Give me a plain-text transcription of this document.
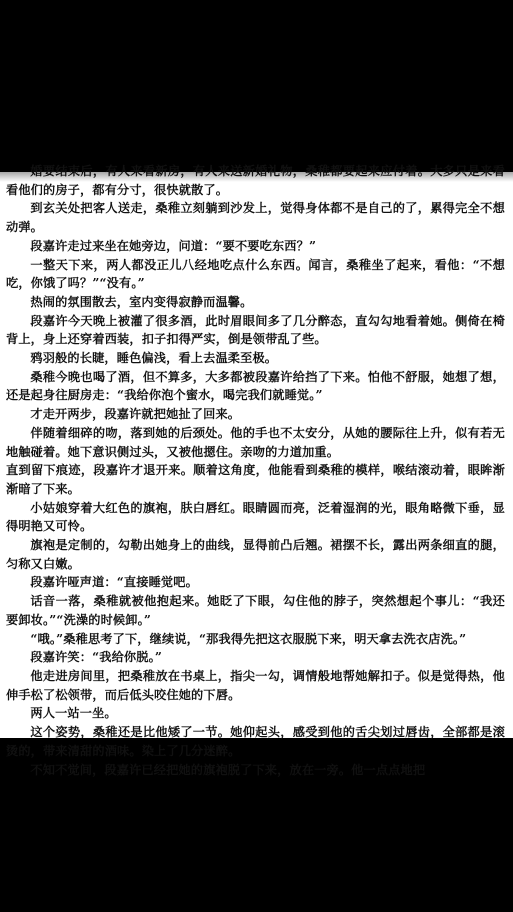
婚要结束后，有人来看新房，有人来送新婚礼物，桑稚都要起来应付着。大多只是来看看他们的房子，都有分寸，很快就散了。

到玄关处把客人送走，桑稚立刻躺到沙发上，觉得身体都不是自己的了，累得完全不想动弹。

段嘉许走过来坐在她旁边，问道：“要不要吃东西？”

一整天下来，两人都没正儿八经地吃点什么东西。闻言，桑稚坐了起来，看他：“不想吃，你饿了吗？”“没有。”

热闹的氛围散去，室内变得寂静而温馨。

段嘉许今天晚上被灌了很多酒，此时眉眼间多了几分醉态，直勾勾地看着她。侧倚在椅背上，身上还穿着西装，扣子扣得严实，倒是领带乱了些。

鸦羽般的长睫，睡色偏浅，看上去温柔至极。

桑稚今晚也喝了酒，但不算多，大多都被段嘉许给挡了下来。怕他不舒服，她想了想，还是起身往厨房走：“我给你泡个蜜水，喝完我们就睡觉。”

才走开两步，段嘉许就把她扯了回来。

伴随着细碎的吻，落到她的后颈处。他的手也不太安分，从她的腰际往上升，似有若无地触碰着。她下意识侧过头，又被他摁住。亲吻的力道加重。

直到留下痕迹，段嘉许才退开来。顺着这角度，他能看到桑稚的模样，喉结滚动着，眼眸渐渐暗了下来。

小姑娘穿着大红色的旗袍，肤白唇红。眼睛圆而亮，泛着湿润的光，眼角略微下垂，显得明艳又可怜。

旗袍是定制的，勾勒出她身上的曲线，显得前凸后翘。裙摆不长，露出两条细直的腿，匀称又白嫩。

段嘉许哑声道：“直接睡觉吧。

话音一落，桑稚就被他抱起来。她眨了下眼，勾住他的脖子，突然想起个事儿：“我还要卸妆。”“洗澡的时候卸。”

“哦。”桑稚思考了下，继续说，“那我得先把这衣服脱下来，明天拿去洗衣店洗。”

段嘉许笑：“我给你脱。”

他走进房间里，把桑稚放在书桌上，指尖一勾，调情般地帮她解扣子。似是觉得热，他伸手松了松领带，而后低头咬住她的下唇。

两人一站一坐。

这个姿势，桑稚还是比他矮了一节。她仰起头，感受到他的舌尖划过唇齿，全部都是滚烫的，带来清甜的酒味。染上了几分迷醉。

不知不觉间，段嘉许已经把她的旗袍脱了下来，放在一旁。他一点点地把
